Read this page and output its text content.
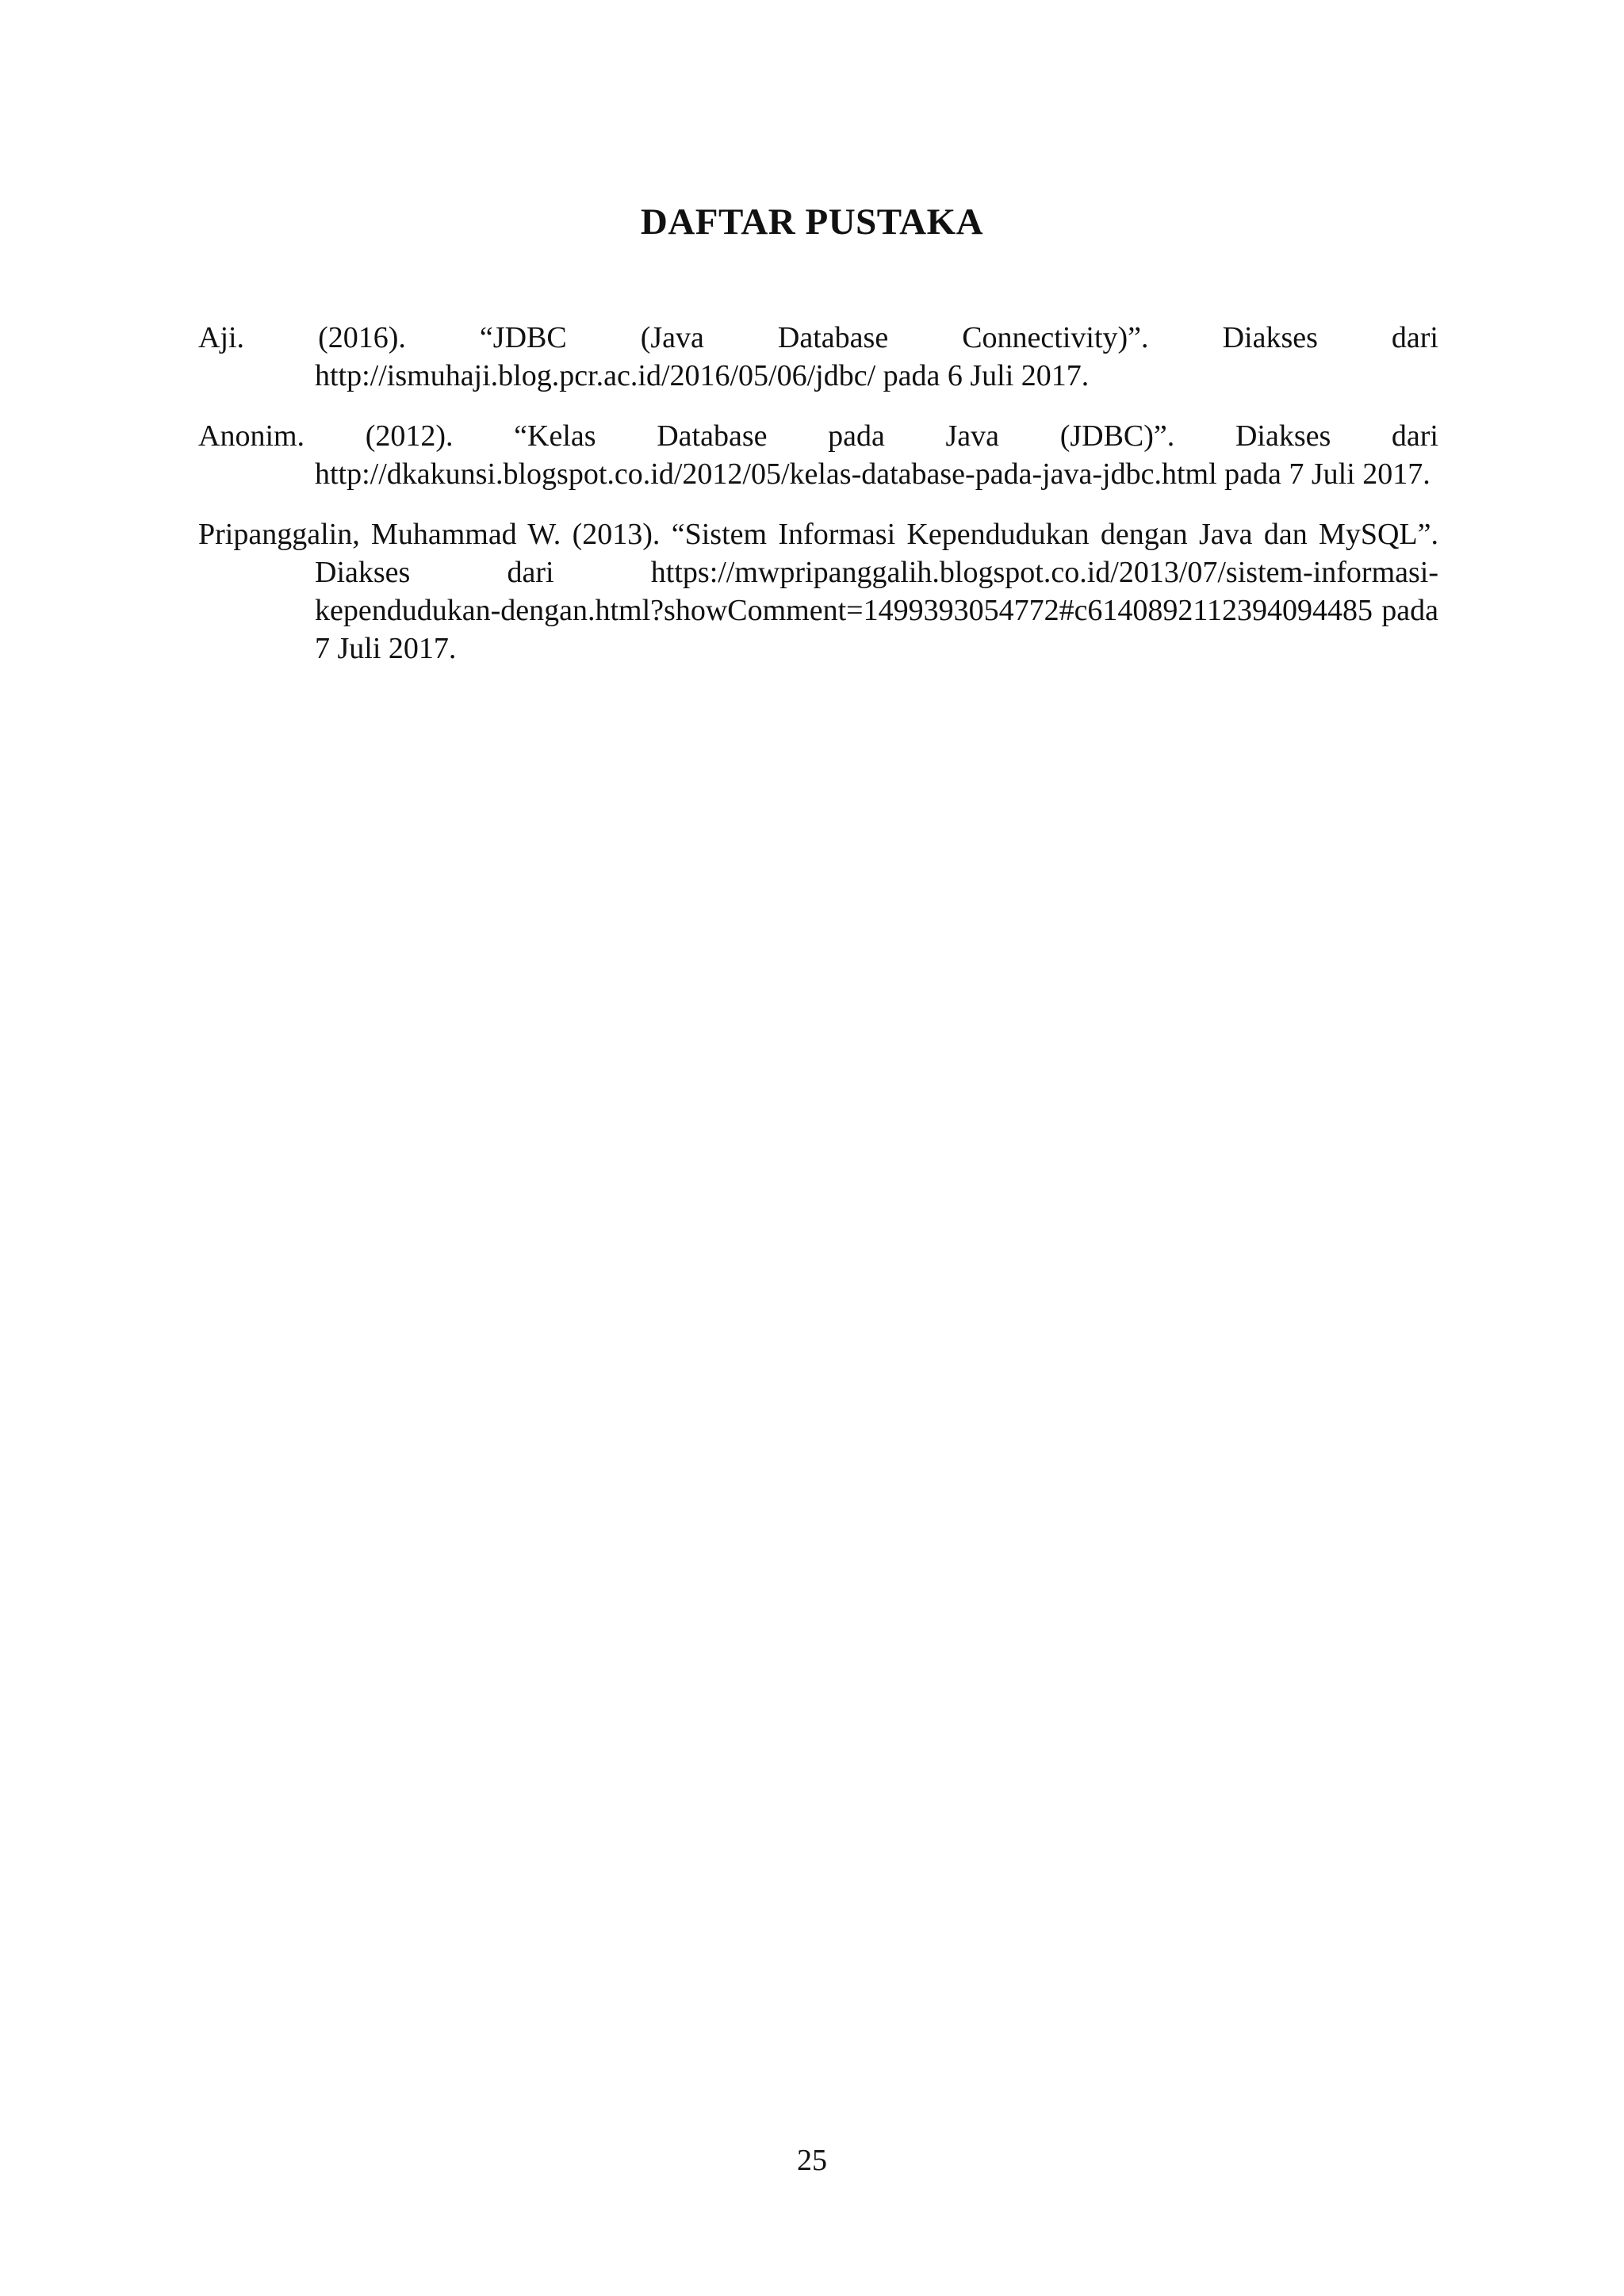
DAFTAR PUSTAKA

Aji. (2016). “JDBC (Java Database Connectivity)”. Diakses dari http://ismuhaji.blog.pcr.ac.id/2016/05/06/jdbc/ pada 6 Juli 2017.

Anonim. (2012). “Kelas Database pada Java (JDBC)”. Diakses dari http://dkakunsi.blogspot.co.id/2012/05/kelas-database-pada-java-jdbc.html pada 7 Juli 2017.

Pripanggalin, Muhammad W. (2013). “Sistem Informasi Kependudukan dengan Java dan MySQL”. Diakses dari https://mwpripanggalih.blogspot.co.id/2013/07/sistem-informasi-kependudukan-dengan.html?showComment=1499393054772#c6140892112394094485 pada 7 Juli 2017.

25
